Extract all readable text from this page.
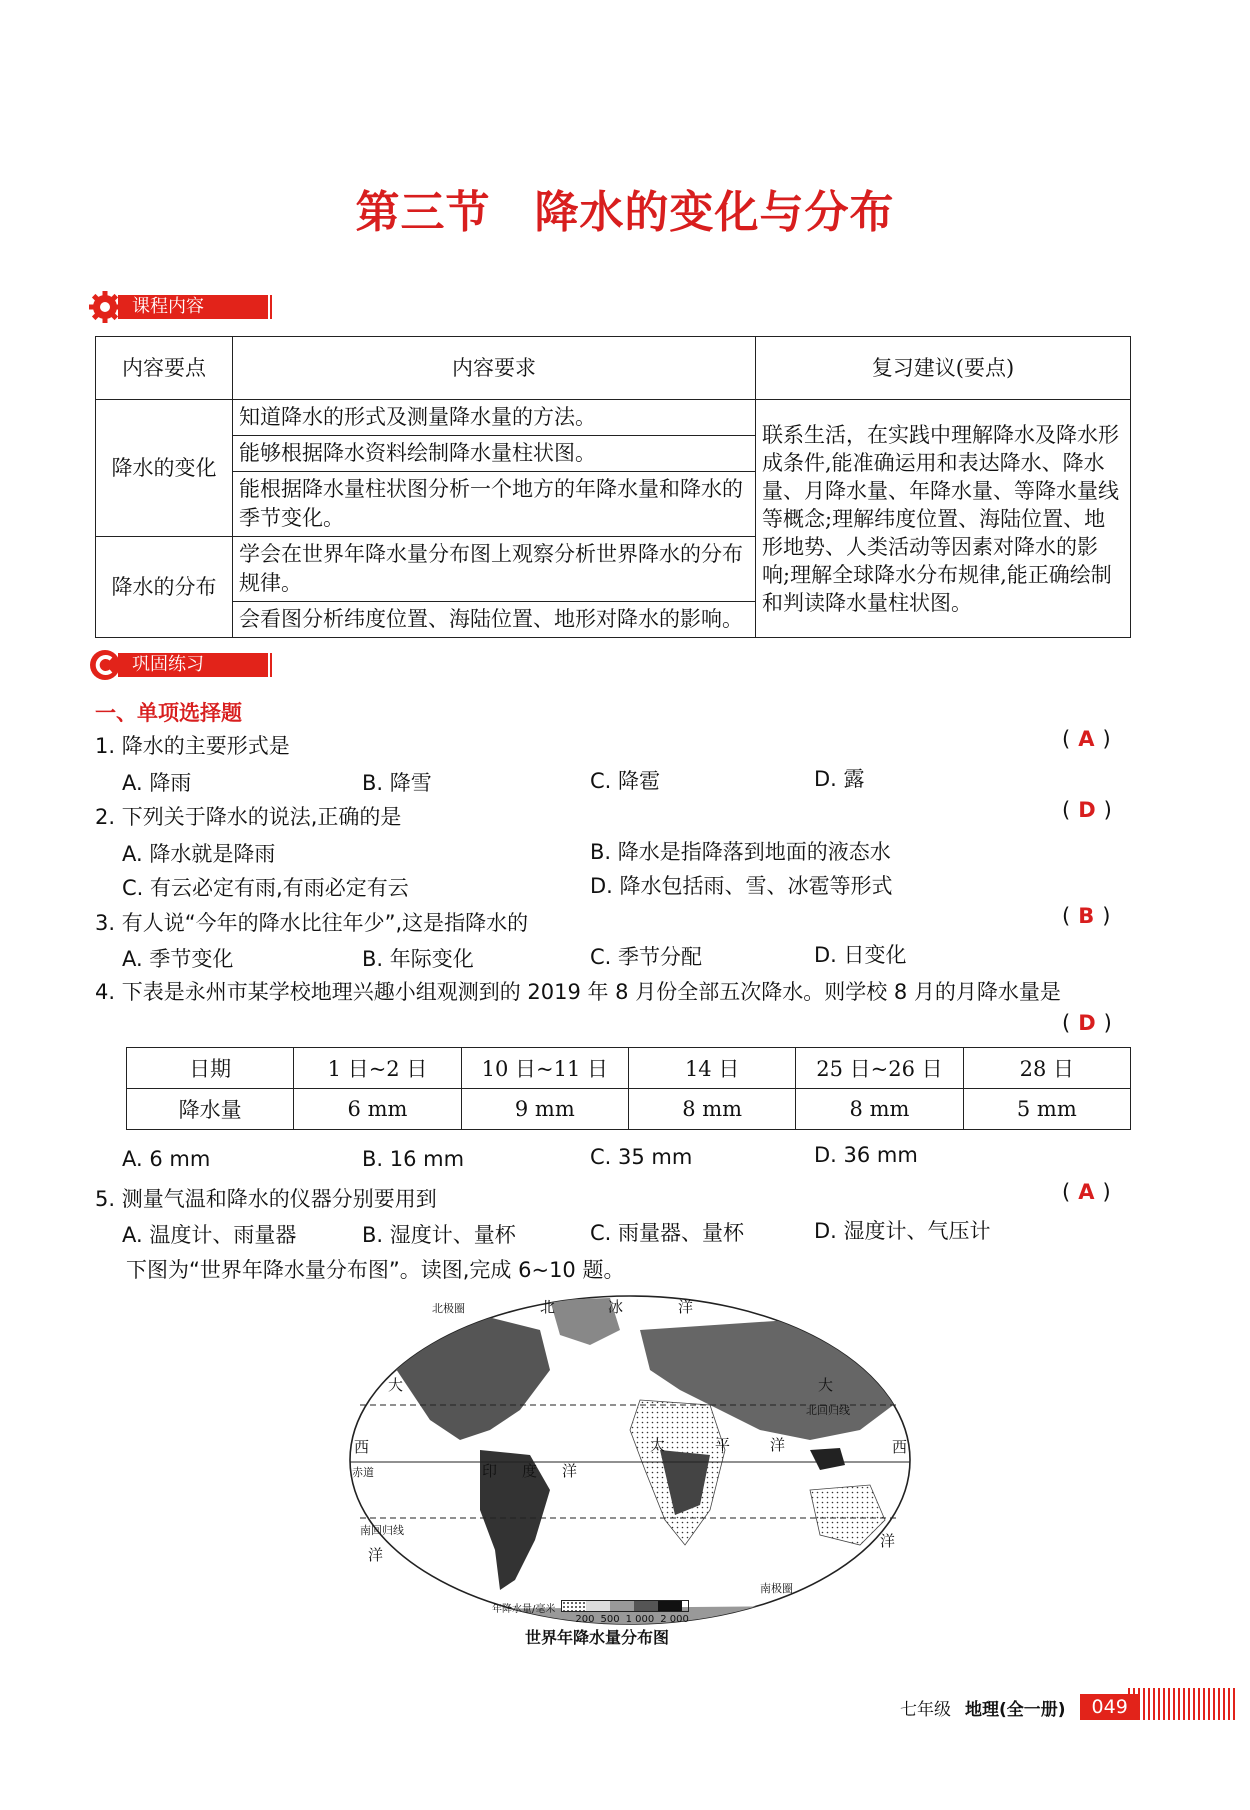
第三节 降水的变化与分布
课程内容
内容要点	内容要求	复习建议(要点)
降水的变化	知道降水的形式及测量降水量的方法。	联系生活，在实践中理解降水及降水形成条件,能准确运用和表达降水、降水量、月降水量、年降水量、等降水量线等概念;理解纬度位置、海陆位置、地形地势、人类活动等因素对降水的影响;理解全球降水分布规律,能正确绘制和判读降水量柱状图。
	能够根据降水资料绘制降水量柱状图。	
	能根据降水量柱状图分析一个地方的年降水量和降水的季节变化。	
降水的分布	学会在世界年降水量分布图上观察分析世界降水的分布规律。	
	会看图分析纬度位置、海陆位置、地形对降水的影响。	
巩固练习
一、单项选择题
1. 降水的主要形式是	( A )
A. 降雨	B. 降雪	C. 降雹	D. 露
2. 下列关于降水的说法,正确的是	( D )
A. 降水就是降雨	B. 降水是指降落到地面的液态水
C. 有云必定有雨,有雨必定有云	D. 降水包括雨、雪、冰雹等形式
3. 有人说“今年的降水比往年少”,这是指降水的	( B )
A. 季节变化	B. 年际变化	C. 季节分配	D. 日变化
4. 下表是永州市某学校地理兴趣小组观测到的 2019 年 8 月份全部五次降水。则学校 8 月的月降水量是
( D )
日期	1 日~2 日	10 日~11 日	14 日	25 日~26 日	28 日
降水量	6 mm	9 mm	8 mm	8 mm	5 mm
A. 6 mm	B. 16 mm	C. 35 mm	D. 36 mm
5. 测量气温和降水的仪器分别要用到	( A )
A. 温度计、雨量器	B. 湿度计、量杯	C. 雨量器、量杯	D. 湿度计、气压计
下图为“世界年降水量分布图”。读图,完成 6~10 题。
北极圈	北	冰	洋
大	大
北回归线
西	西
赤道	印 度 洋
太	平	洋
南回归线
洋
洋
南极圈
年降水量/毫米
200 500 1 000 2 000
世界年降水量分布图
七年级 地理(全一册)	049
